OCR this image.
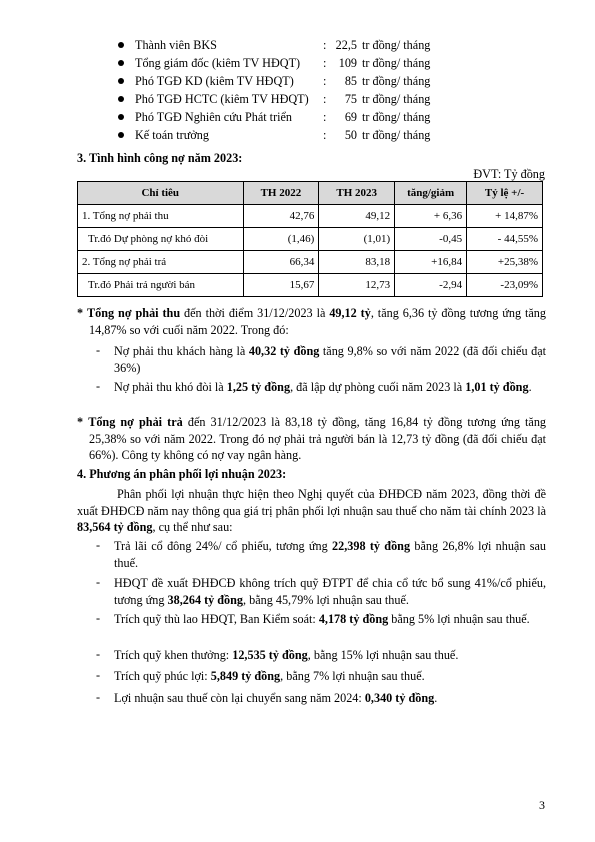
Thành viên BKS	: 22,5 tr đồng/ tháng
Tổng giám đốc (kiêm TV HĐQT) :	109 tr đồng/ tháng
Phó TGĐ KD (kiêm TV HĐQT) :	85 tr đồng/ tháng
Phó TGĐ HCTC (kiêm TV HĐQT) :	75 tr đồng/ tháng
Phó TGĐ Nghiên cứu Phát triển	:	69 tr đồng/ tháng
Kế toán trưởng	:	50 tr đồng/ tháng
3. Tình hình công nợ năm 2023:
ĐVT: Tỷ đồng
Chỉ tiêu	TH 2022	TH 2023	tăng/giảm	Tỷ lệ +/-
1. Tổng nợ phải thu	42,76	49,12	+ 6,36	+ 14,87%
Tr.đó Dự phòng nợ khó đòi	(1,46)	(1,01)	-0,45	- 44,55%
2. Tổng nợ phải trả	66,34	83,18	+16,84	+25,38%
Tr.đó Phải trả người bán	15,67	12,73	-2,94	-23,09%
* Tổng nợ phải thu đến thời điểm 31/12/2023 là 49,12 tỷ, tăng 6,36 tỷ đồng tương ứng tăng 14,87% so với cuối năm 2022. Trong đó:
- Nợ phải thu khách hàng là 40,32 tỷ đồng tăng 9,8% so với năm 2022 (đã đối chiếu đạt 36%)
- Nợ phải thu khó đòi là 1,25 tỷ đồng, đã lập dự phòng cuối năm 2023 là 1,01 tỷ đồng.
* Tổng nợ phải trả đến 31/12/2023 là 83,18 tỷ đồng, tăng 16,84 tỷ đồng tương ứng tăng 25,38% so với năm 2022. Trong đó nợ phải trả người bán là 12,73 tỷ đồng (đã đối chiếu đạt 66%). Công ty không có nợ vay ngân hàng.
4. Phương án phân phối lợi nhuận 2023:
Phân phối lợi nhuận thực hiện theo Nghị quyết của ĐHĐCĐ năm 2023, đồng thời đề xuất ĐHĐCĐ năm nay thông qua giá trị phân phối lợi nhuận sau thuế cho năm tài chính 2023 là 83,564 tỷ đồng, cụ thể như sau:
- Trả lãi cổ đông 24%/ cổ phiếu, tương ứng 22,398 tỷ đồng bằng 26,8% lợi nhuận sau thuế.
- HĐQT đề xuất ĐHĐCĐ không trích quỹ ĐTPT để chia cổ tức bổ sung 41%/cổ phiếu, tương ứng 38,264 tỷ đồng, bằng 45,79% lợi nhuận sau thuế.
- Trích quỹ thù lao HĐQT, Ban Kiểm soát: 4,178 tỷ đồng bằng 5% lợi nhuận sau thuế.
- Trích quỹ khen thưởng: 12,535 tỷ đồng, bằng 15% lợi nhuận sau thuế.
- Trích quỹ phúc lợi: 5,849 tỷ đồng, bằng 7% lợi nhuận sau thuế.
- Lợi nhuận sau thuế còn lại chuyển sang năm 2024: 0,340 tỷ đồng.
3
